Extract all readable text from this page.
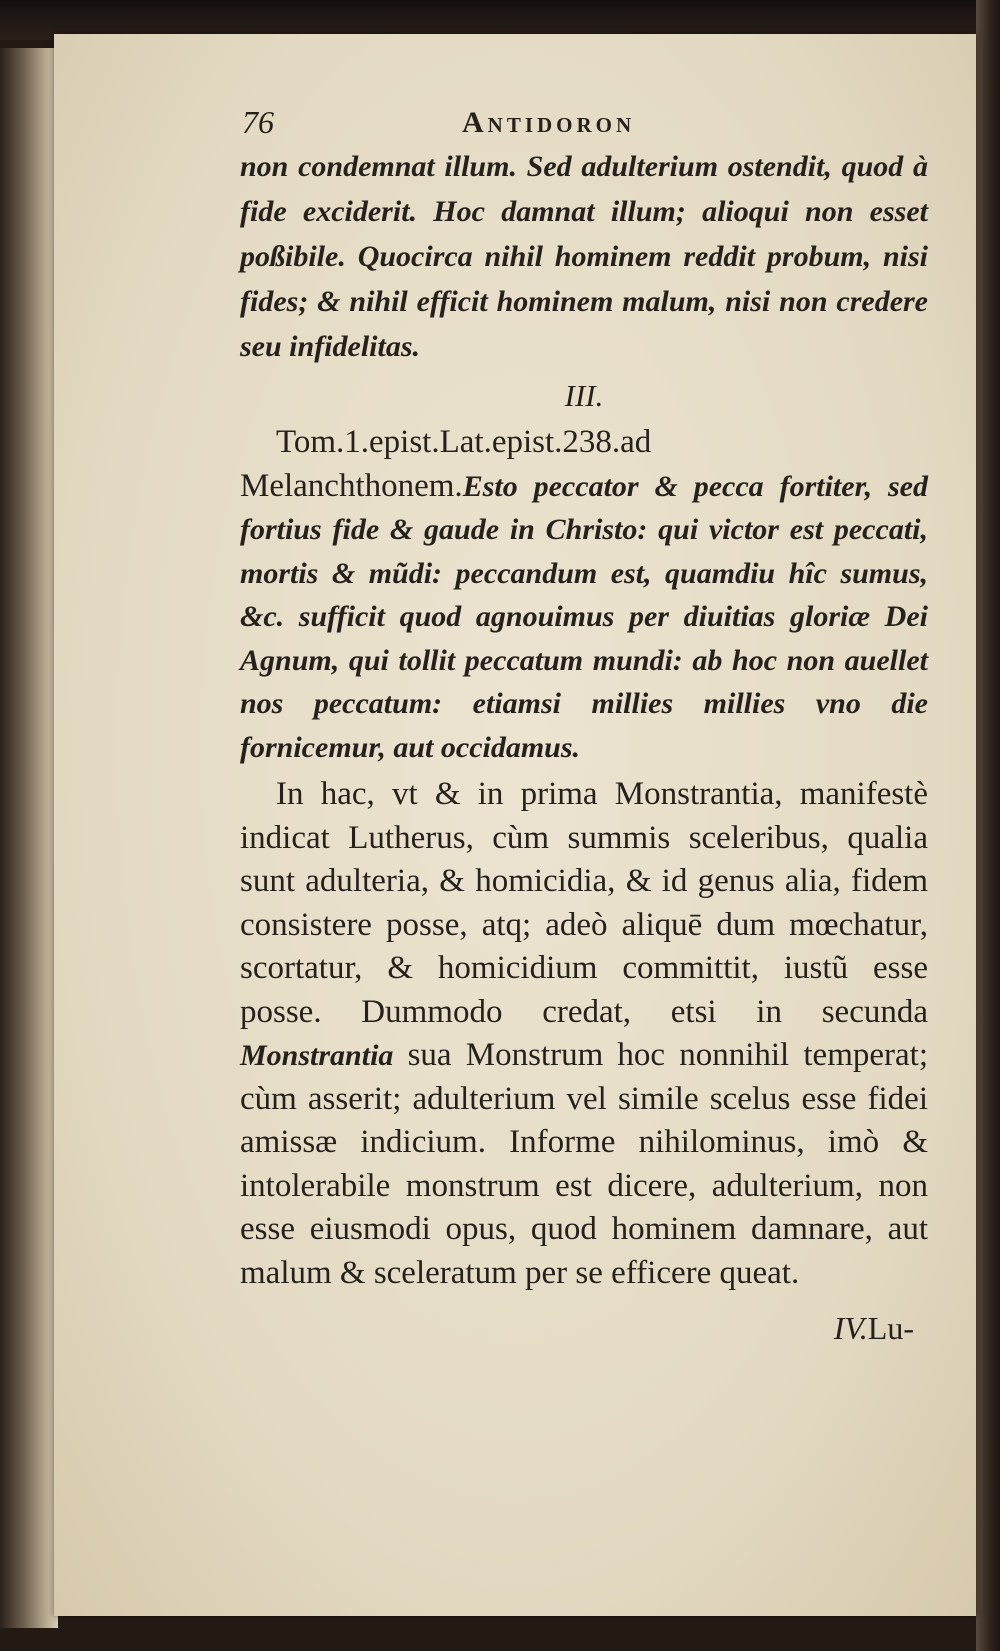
76	Antidoron

non condemnat illum. Sed adulterium ostendit, quod à fide exciderit. Hoc damnat illum; alioqui non esset poßibile. Quocirca nihil hominem reddit probum, nisi fides; & nihil efficit hominem malum, nisi non credere seu infidelitas.

III.

Tom.1.epist.Lat.epist.238.ad Melanchthonem.Esto peccator & pecca fortiter, sed fortius fide & gaude in Christo: qui victor est peccati, mortis & mũdi: peccandum est, quamdiu hîc sumus, &c. sufficit quod agnouimus per diuitias gloriæ Dei Agnum, qui tollit peccatum mundi: ab hoc non auellet nos peccatum: etiamsi millies millies vno die fornicemur, aut occidamus.

In hac, vt & in prima Monstrantia, manifestè indicat Lutherus, cùm summis sceleribus, qualia sunt adulteria, & homicidia, & id genus alia, fidem consistere posse, atq; adeò aliquē dum mœchatur, scortatur, & homicidium committit, iustũ esse posse. Dummodo credat, etsi in secunda Monstrantia sua Monstrum hoc nonnihil temperat; cùm asserit; adulterium vel simile scelus esse fidei amissæ indicium. Informe nihilominus, imò & intolerabile monstrum est dicere, adulterium, non esse eiusmodi opus, quod hominem damnare, aut malum & sceleratum per se efficere queat.

IV.Lu-
